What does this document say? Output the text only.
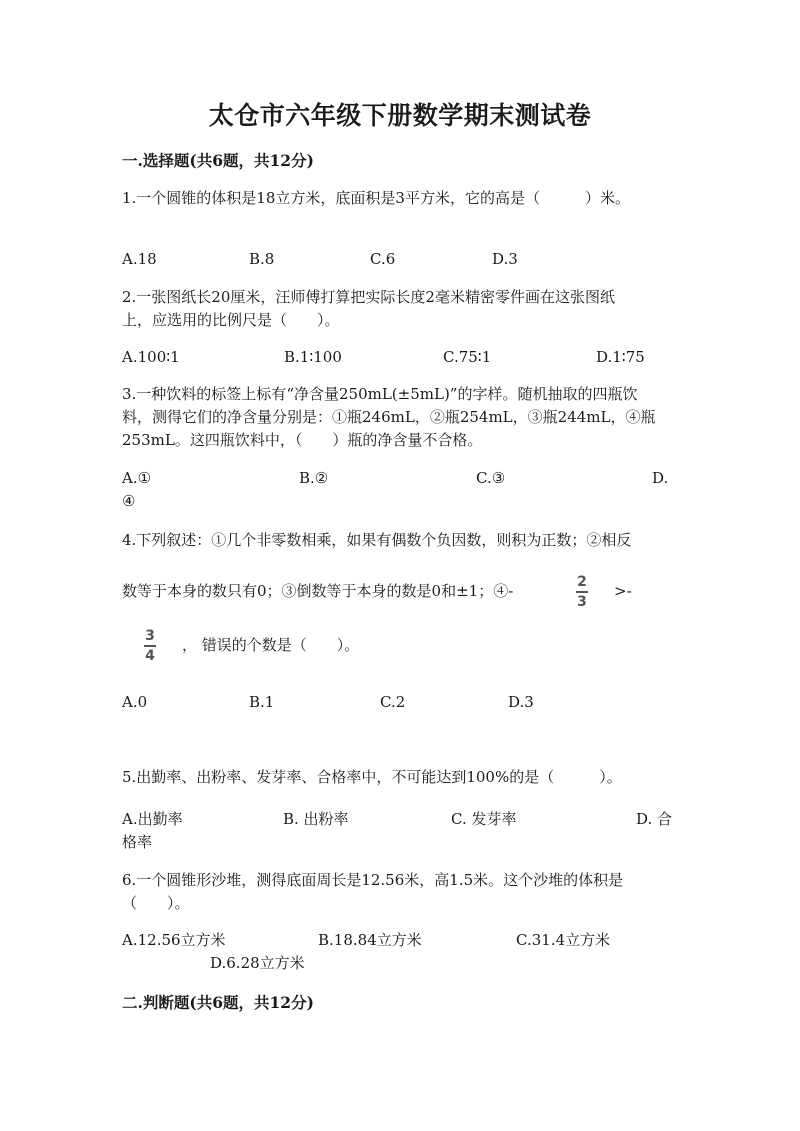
太仓市六年级下册数学期末测试卷
一.选择题(共6题，共12分)
1.一个圆锥的体积是18立方米，底面积是3平方米，它的高是（　　　）米。
A.18	B.8	C.6	D.3
2.一张图纸长20厘米，汪师傅打算把实际长度2毫米精密零件画在这张图纸
上，应选用的比例尺是（　　）。
A.100∶1	B.1∶100	C.75∶1	D.1∶75
3.一种饮料的标签上标有“净含量250mL(±5mL)”的字样。随机抽取的四瓶饮
料，测得它们的净含量分别是：①瓶246mL，②瓶254mL，③瓶244mL，④瓶
253mL。这四瓶饮料中，（　　）瓶的净含量不合格。
A.①	B.②	C.③	D.
④
4.下列叙述：①几个非零数相乘，如果有偶数个负因数，则积为正数；②相反
数等于本身的数只有0；③倒数等于本身的数是0和±1；④-	2
3
>-
3
4
， 错误的个数是（　　）。
A.0	B.1	C.2	D.3
5.出勤率、出粉率、发芽率、合格率中，不可能达到100%的是（　　　）。
A.出勤率	B. 出粉率	C. 发芽率	D. 合
格率
6.一个圆锥形沙堆，测得底面周长是12.56米，高1.5米。这个沙堆的体积是
（　　）。
A.12.56立方米	B.18.84立方米	C.31.4立方米
D.6.28立方米
二.判断题(共6题，共12分)
